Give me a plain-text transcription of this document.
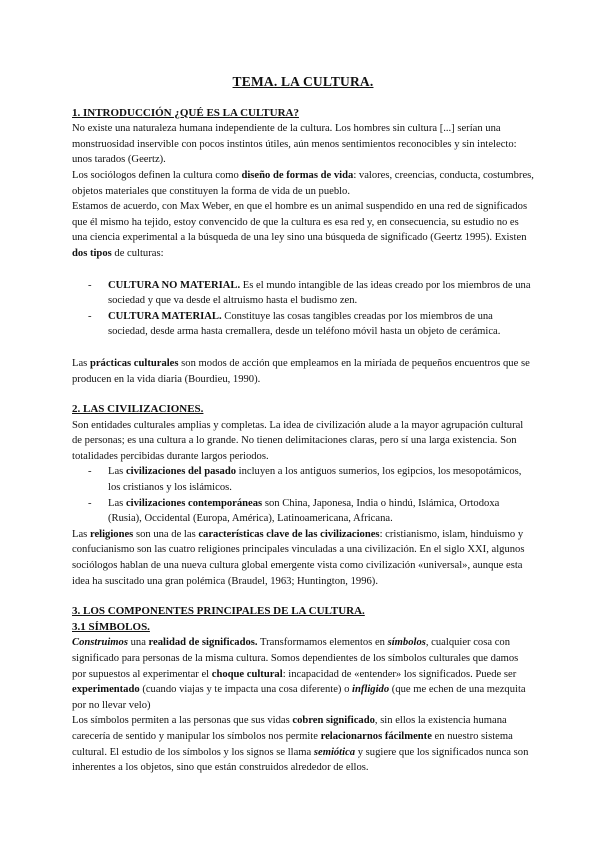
TEMA. LA CULTURA.
1. INTRODUCCIÓN ¿QUÉ ES LA CULTURA?

No existe una naturaleza humana independiente de la cultura. Los hombres sin cultura [...] serían una monstruosidad inservible con pocos instintos útiles, aún menos sentimientos reconocibles y sin intelecto: unos tarados (Geertz).

Los sociólogos definen la cultura como diseño de formas de vida: valores, creencias, conducta, costumbres, objetos materiales que constituyen la forma de vida de un pueblo.

Estamos de acuerdo, con Max Weber, en que el hombre es un animal suspendido en una red de significados que él mismo ha tejido, estoy convencido de que la cultura es esa red y, en consecuencia, su estudio no es una ciencia experimental a la búsqueda de una ley sino una búsqueda de significado (Geertz 1995). Existen dos tipos de culturas:

- CULTURA NO MATERIAL. Es el mundo intangible de las ideas creado por los miembros de una sociedad y que va desde el altruismo hasta el budismo zen.
- CULTURA MATERIAL. Constituye las cosas tangibles creadas por los miembros de una sociedad, desde arma hasta cremallera, desde un teléfono móvil hasta un objeto de cerámica.

Las prácticas culturales son modos de acción que empleamos en la miríada de pequeños encuentros que se producen en la vida diaria (Bourdieu, 1990).

2. LAS CIVILIZACIONES.

Son entidades culturales amplias y completas. La idea de civilización alude a la mayor agrupación cultural de personas; es una cultura a lo grande. No tienen delimitaciones claras, pero sí una larga existencia. Son totalidades percibidas durante largos periodos.

- Las civilizaciones del pasado incluyen a los antiguos sumerios, los egipcios, los mesopotámicos, los cristianos y los islámicos.
- Las civilizaciones contemporáneas son China, Japonesa, India o hindú, Islámica, Ortodoxa (Rusia), Occidental (Europa, América), Latinoamericana, Africana.

Las religiones son una de las características clave de las civilizaciones: cristianismo, islam, hinduismo y confucianismo son las cuatro religiones principales vinculadas a una civilización. En el siglo XXI, algunos sociólogos hablan de una nueva cultura global emergente vista como civilización «universal», aunque esta idea ha suscitado una gran polémica (Braudel, 1963; Huntington, 1996).

3. LOS COMPONENTES PRINCIPALES DE LA CULTURA.
3.1 SÍMBOLOS.

Construimos una realidad de significados. Transformamos elementos en símbolos, cualquier cosa con significado para personas de la misma cultura. Somos dependientes de los símbolos culturales que damos por supuestos al experimentar el choque cultural: incapacidad de «entender» los significados. Puede ser experimentado (cuando viajas y te impacta una cosa diferente) o infligido (que me echen de una mezquita por no llevar velo)

Los símbolos permiten a las personas que sus vidas cobren significado, sin ellos la existencia humana carecería de sentido y manipular los símbolos nos permite relacionarnos fácilmente en nuestro sistema cultural. El estudio de los símbolos y los signos se llama semiótica y sugiere que los significados nunca son inherentes a los objetos, sino que están construidos alrededor de ellos.
